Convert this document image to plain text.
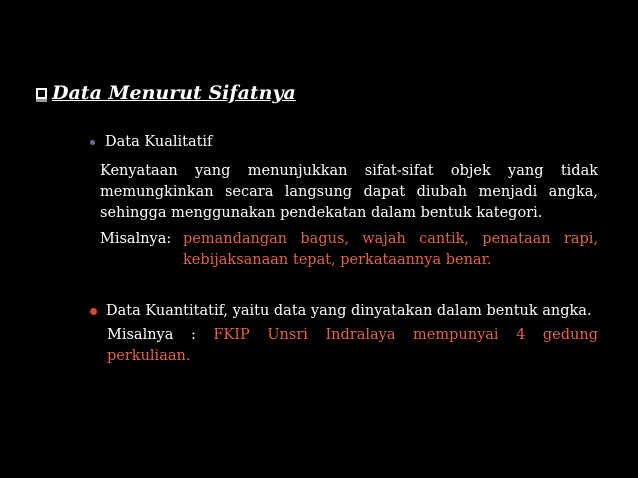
Data Menurut Sifatnya
Data Kualitatif
Kenyataan yang menunjukkan sifat-sifat objek yang tidak
memungkinkan secara langsung dapat diubah menjadi angka,
sehingga menggunakan pendekatan dalam bentuk kategori.
Misalnya: pemandangan bagus, wajah cantik, penataan rapi,
kebijaksanaan tepat, perkataannya benar.
Data Kuantitatif, yaitu data yang dinyatakan dalam bentuk angka.
Misalnya : FKIP Unsri Indralaya mempunyai 4 gedung
perkuliaan.
